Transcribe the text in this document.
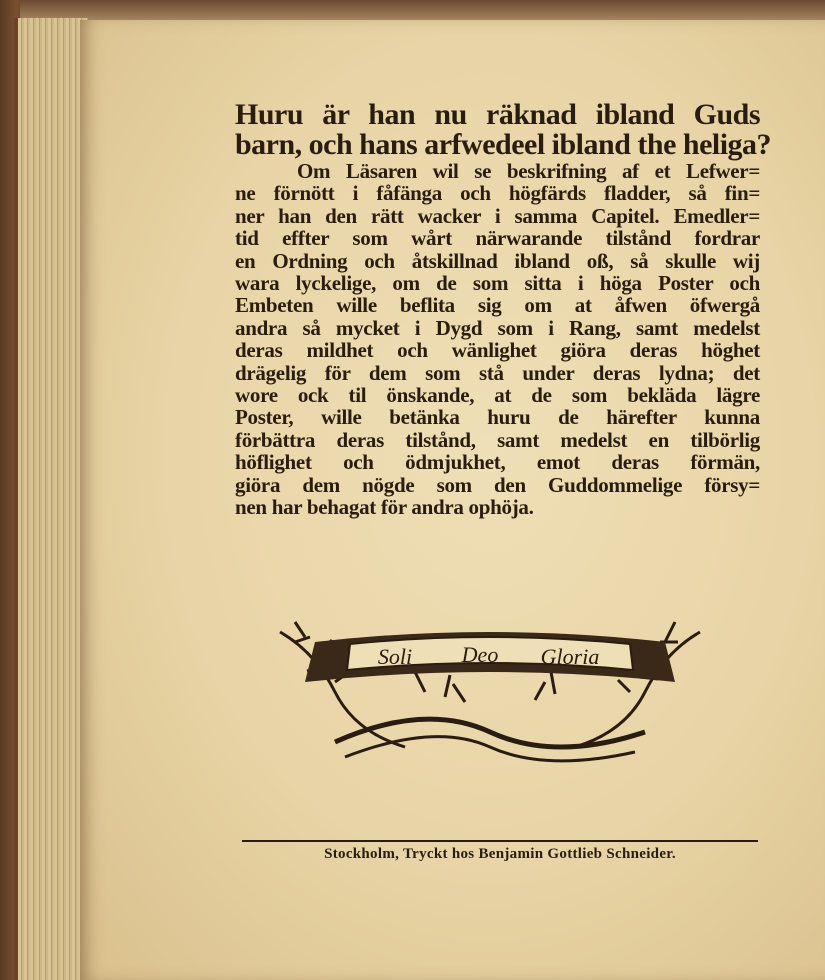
Huru är han nu räknad ibland Guds
barn, och hans arfwedeel ibland the heliga?
Om Läsaren wil se beskrifning af et Lefwer=
ne förnött i fåfänga och högfärds fladder, så fin=
ner han den rätt wacker i samma Capitel. Emedler=
tid effter som wårt närwarande tilstånd fordrar
en Ordning och åtskillnad ibland oß, så skulle wij
wara lyckelige, om de som sitta i höga Poster och
Embeten wille beflita sig om at åfwen öfwergå
andra så mycket i Dygd som i Rang, samt medelst
deras mildhet och wänlighet giöra deras höghet
drägelig för dem som stå under deras lydna; det
wore ock til önskande, at de som bekläda lägre
Poster, wille betänka huru de härefter kunna
förbättra deras tilstånd, samt medelst en tilbörlig
höflighet och ödmjukhet, emot deras förmän,
giöra dem nögde som den Guddommelige försy=
nen har behagat för andra ophöja.
Soli Deo Gloria
Stockholm, Tryckt hos Benjamin Gottlieb Schneider.
